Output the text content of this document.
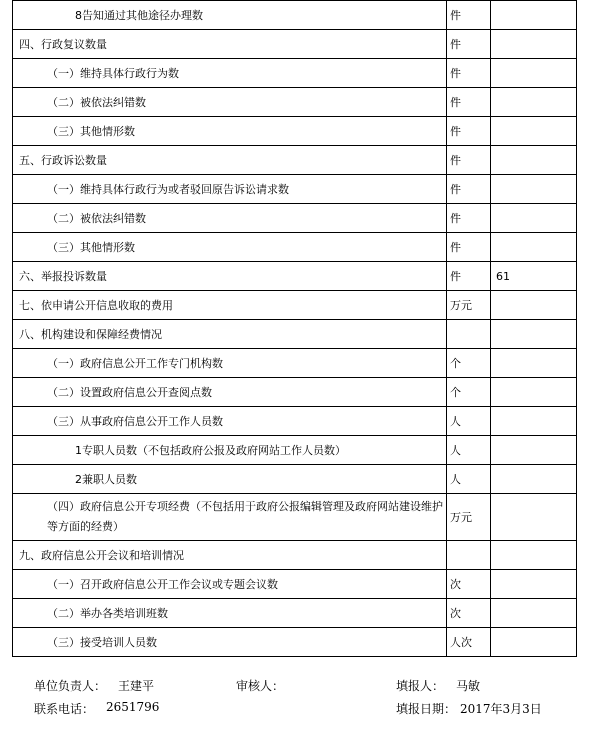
8告知通过其他途径办理数	件	
四、行政复议数量	件	
（一）维持具体行政行为数	件	
（二）被依法纠错数	件	
（三）其他情形数	件	
五、行政诉讼数量	件	
（一）维持具体行政行为或者驳回原告诉讼请求数	件	
（二）被依法纠错数	件	
（三）其他情形数	件	
六、举报投诉数量	件	61
七、依申请公开信息收取的费用	万元	
八、机构建设和保障经费情况		
（一）政府信息公开工作专门机构数	个	
（二）设置政府信息公开查阅点数	个	
（三）从事政府信息公开工作人员数	人	
1专职人员数（不包括政府公报及政府网站工作人员数）	人	
2兼职人员数	人	
（四）政府信息公开专项经费（不包括用于政府公报编辑管理及政府网站建设维护等方面的经费）	万元	
九、政府信息公开会议和培训情况		
（一）召开政府信息公开工作会议或专题会议数	次	
（二）举办各类培训班数	次	
（三）接受培训人员数	人次	
单位负责人： 王建平	审核人：	填报人： 马敏
联系电话： 2651796	填报日期： 2017年3月3日
